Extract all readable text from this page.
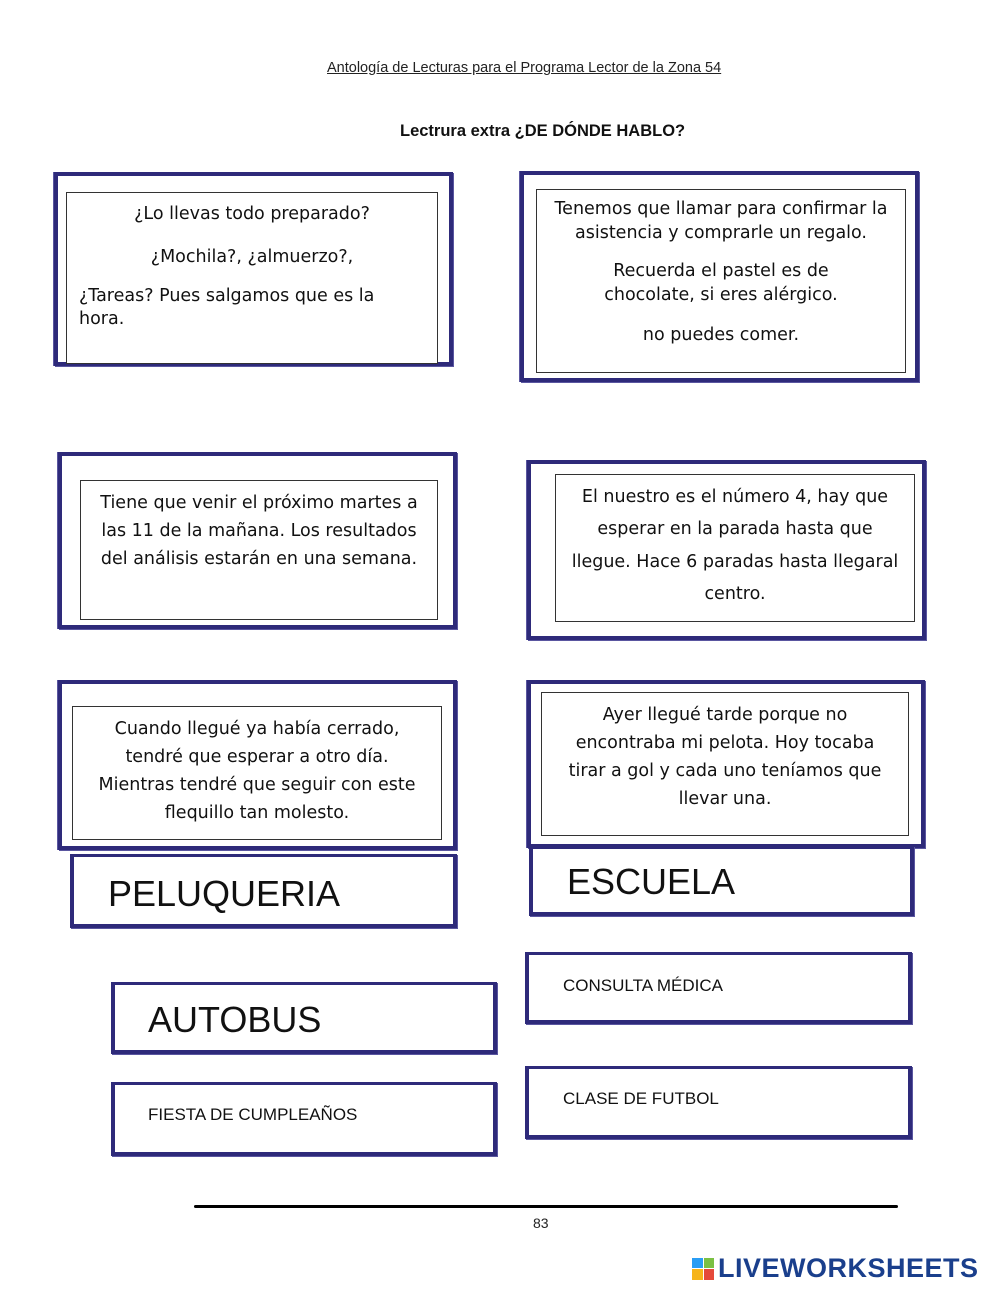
Antología de Lecturas para el Programa Lector de la Zona 54
Lectrura extra ¿DE DÓNDE HABLO?

¿Lo llevas todo preparado?

¿Mochila?, ¿almuerzo?,

¿Tareas? Pues salgamos que es la hora.

Tenemos que llamar para confirmar la asistencia y comprarle un regalo.

Recuerda el pastel es de chocolate, si eres alérgico.

no puedes comer.

Tiene que venir el próximo martes a las 11 de la mañana. Los resultados del análisis estarán en una semana.

El nuestro es el número 4, hay que esperar en la parada hasta que llegue. Hace 6 paradas hasta llegaral centro.

Cuando llegué ya había cerrado, tendré que esperar a otro día. Mientras tendré que seguir con este flequillo tan molesto.

Ayer llegué tarde porque no encontraba mi pelota. Hoy tocaba tirar a gol y cada uno teníamos que llevar una.

PELUQUERIA	ESCUELA
AUTOBUS
CONSULTA MÉDICA
FIESTA DE CUMPLEAÑOS
CLASE DE FUTBOL
83
LIVEWORKSHEETS
